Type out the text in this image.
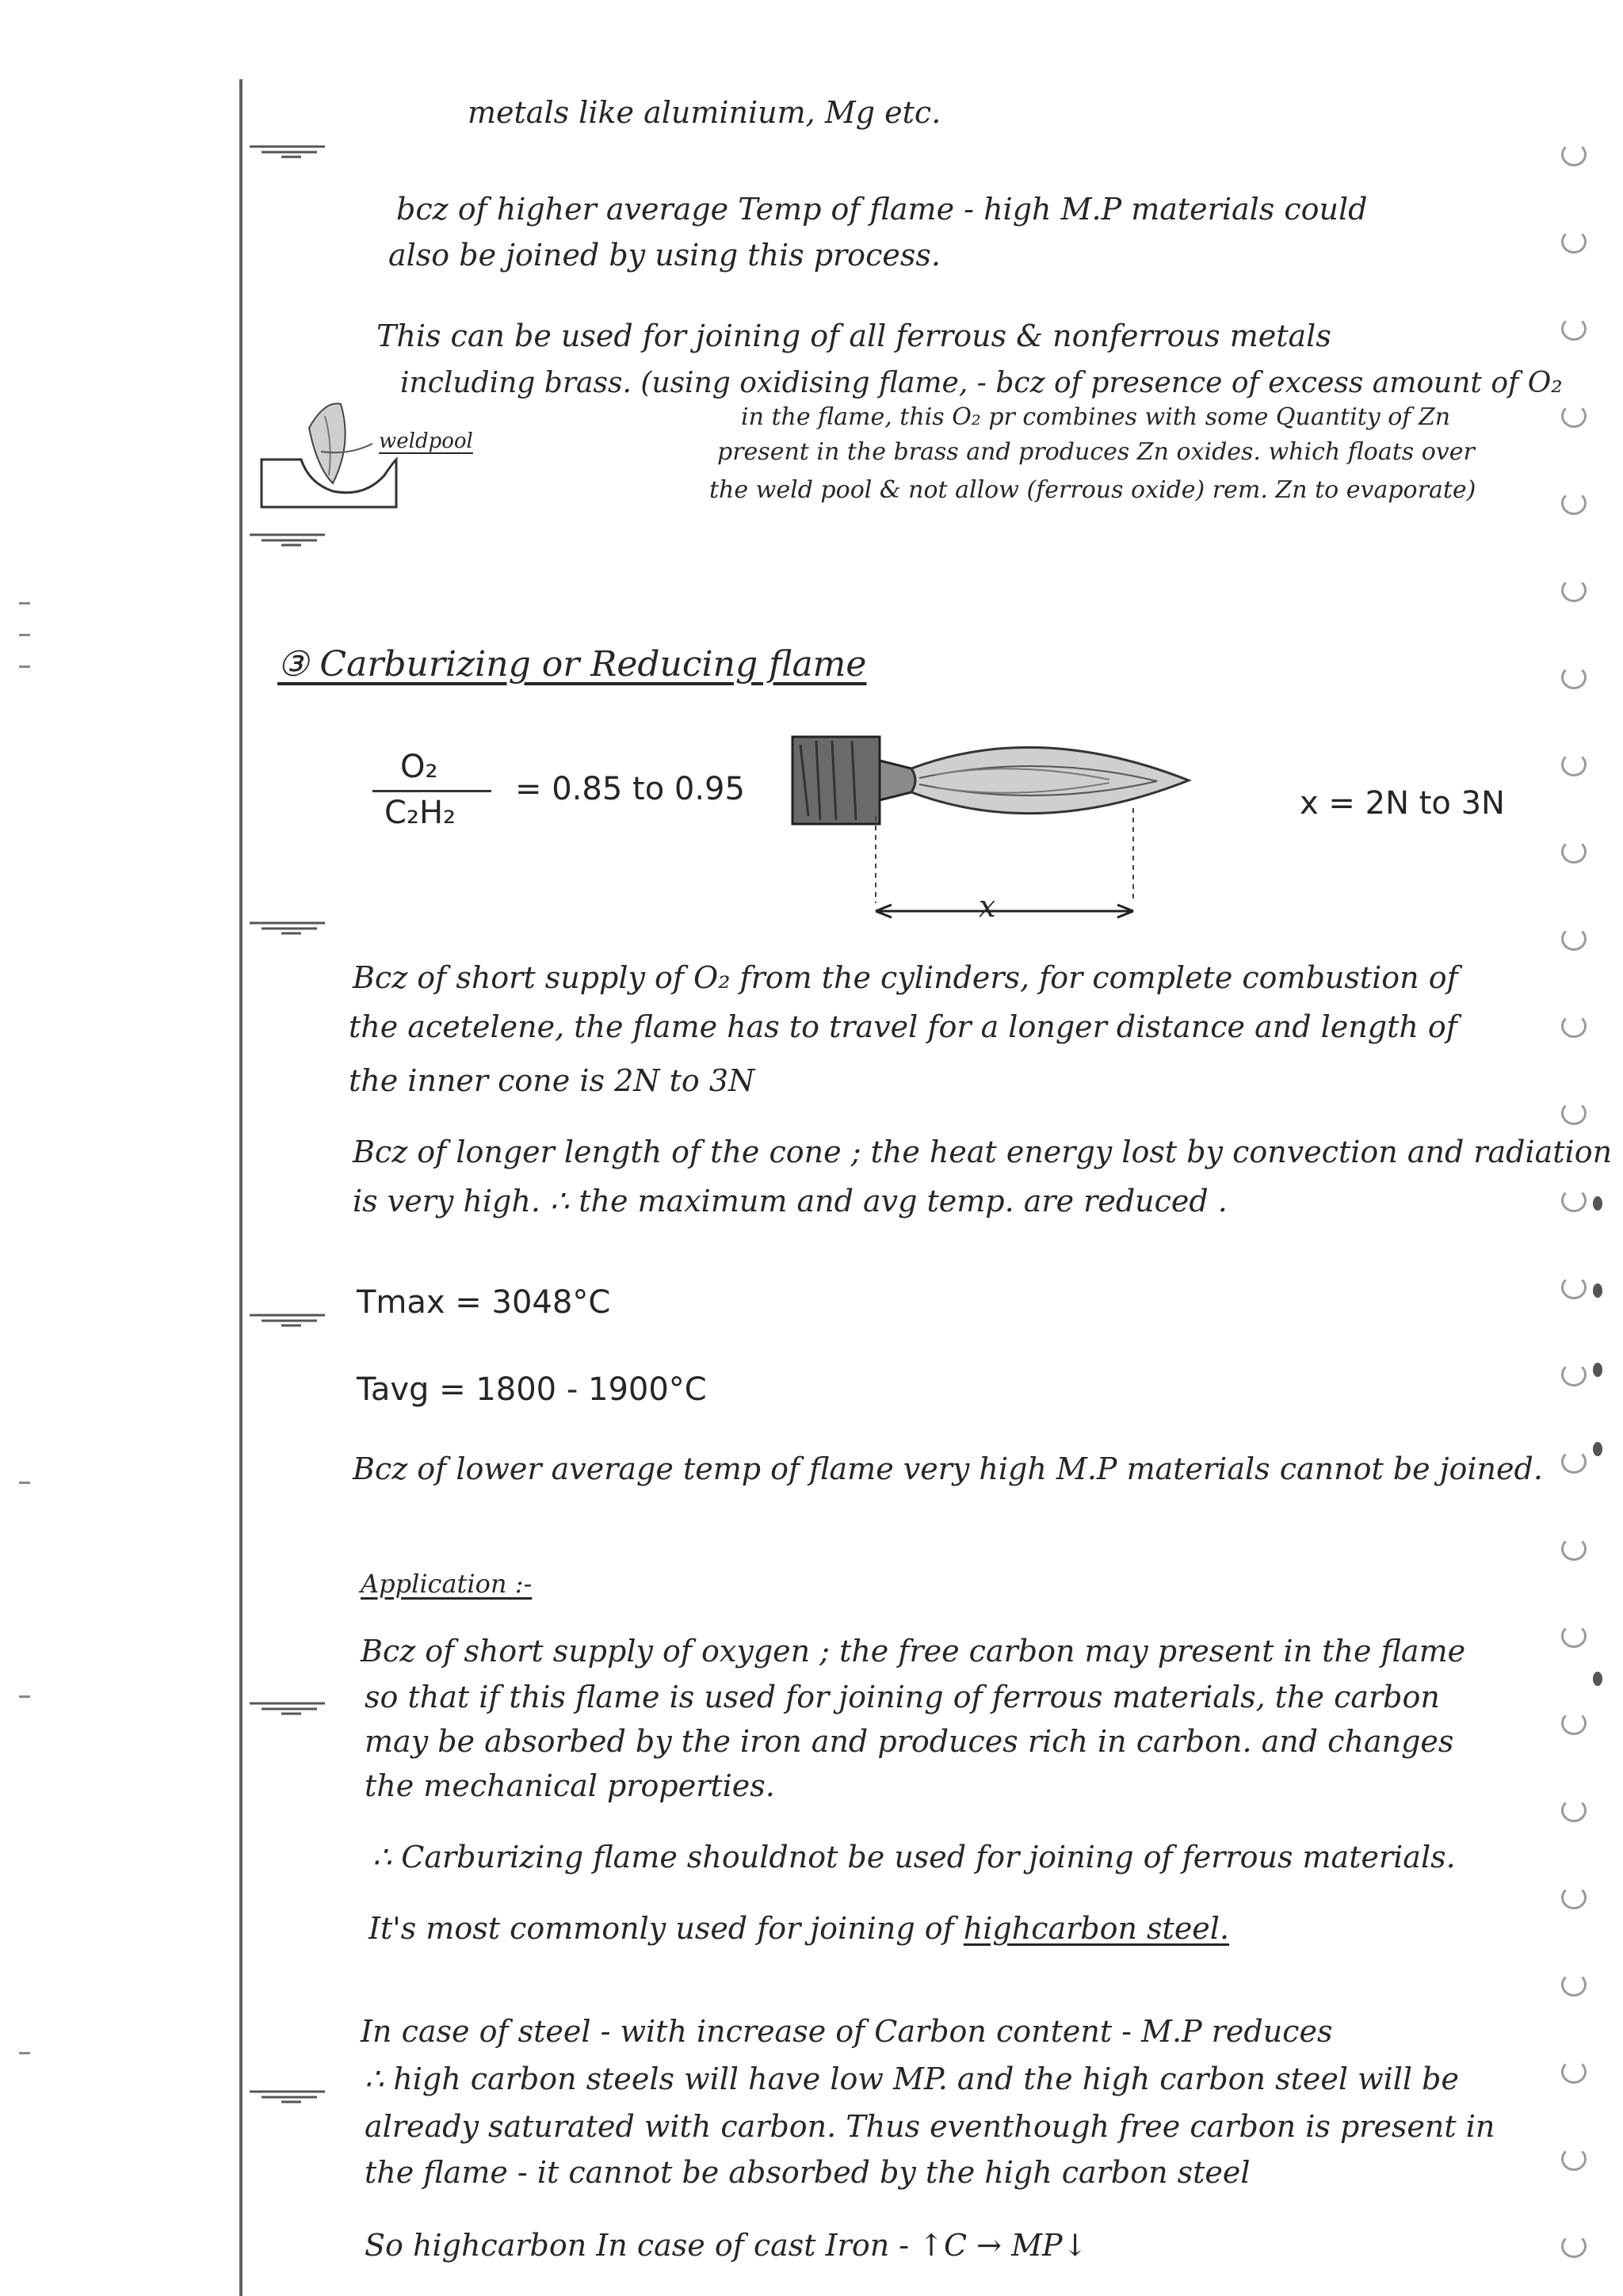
metals like aluminium, Mg etc.

bcz of higher average Temp of flame - high M.P materials could

also be joined by using this process.

This can be used for joining of all ferrous & nonferrous metals

including brass. (using oxidising flame, - bcz of presence of excess amount of O₂

in the flame, this O₂ pr combines with some Quantity of Zn

present in the brass and produces Zn oxides. which floats over

the weld pool & not allow (ferrous oxide) rem. Zn to evaporate)

weldpool

③ Carburizing or Reducing flame

O₂
C₂H₂
= 0.85 to 0.95

x

x = 2N to 3N

Bcz of short supply of O₂ from the cylinders, for complete combustion of

the acetelene, the flame has to travel for a longer distance and length of

the inner cone is 2N to 3N

Bcz of longer length of the cone ; the heat energy lost by convection and radiation

is very high. ∴ the maximum and avg temp. are reduced .

Tmax = 3048°C

Tavg = 1800 - 1900°C

Bcz of lower average temp of flame very high M.P materials cannot be joined.

Application :-

Bcz of short supply of oxygen ; the free carbon may present in the flame

so that if this flame is used for joining of ferrous materials, the carbon

may be absorbed by the iron and produces rich in carbon. and changes

the mechanical properties.

∴ Carburizing flame shouldnot be used for joining of ferrous materials.

It's most commonly used for joining of highcarbon steel.

In case of steel - with increase of Carbon content - M.P reduces

∴ high carbon steels will have low MP. and the high carbon steel will be

already saturated with carbon. Thus eventhough free carbon is present in

the flame - it cannot be absorbed by the high carbon steel

So highcarbon In case of cast Iron - ↑C → MP↓
